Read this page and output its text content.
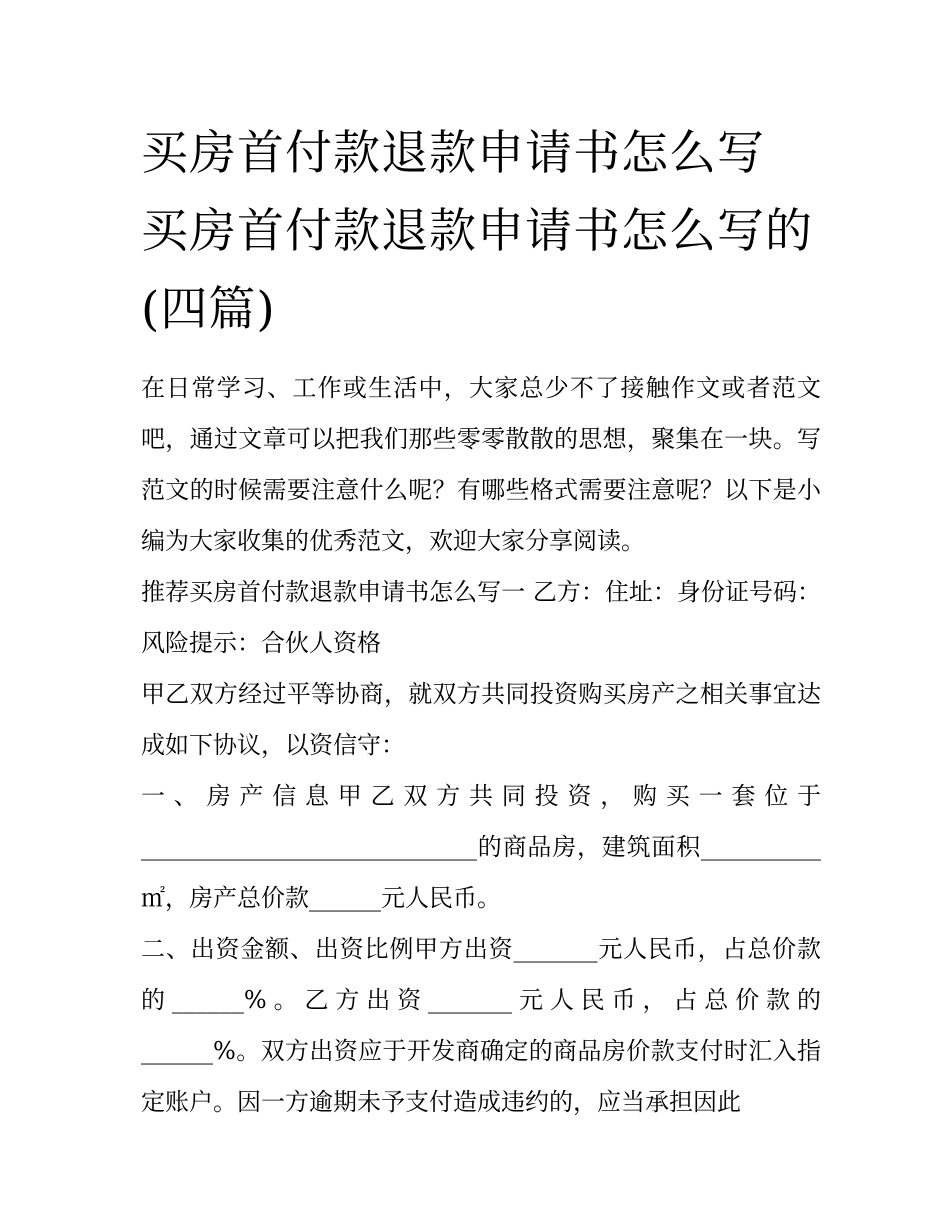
买房首付款退款申请书怎么写 买房首付款退款申请书怎么写的(四篇)

在日常学习、工作或生活中，大家总少不了接触作文或者范文吧，通过文章可以把我们那些零零散散的思想，聚集在一块。写范文的时候需要注意什么呢？有哪些格式需要注意呢？以下是小编为大家收集的优秀范文，欢迎大家分享阅读。

推荐买房首付款退款申请书怎么写一 乙方：住址：身份证号码： 风险提示：合伙人资格

甲乙双方经过平等协商，就双方共同投资购买房产之相关事宜达成如下协议，以资信守：

一、房产信息甲乙双方共同投资，购买一套位于____________________________的商品房，建筑面积__________㎡，房产总价款______元人民币。

二、出资金额、出资比例甲方出资_______元人民币，占总价款的______%。乙方出资_______元人民币，占总价款的______%。双方出资应于开发商确定的商品房价款支付时汇入指定账户。因一方逾期未予支付造成违约的，应当承担因此
